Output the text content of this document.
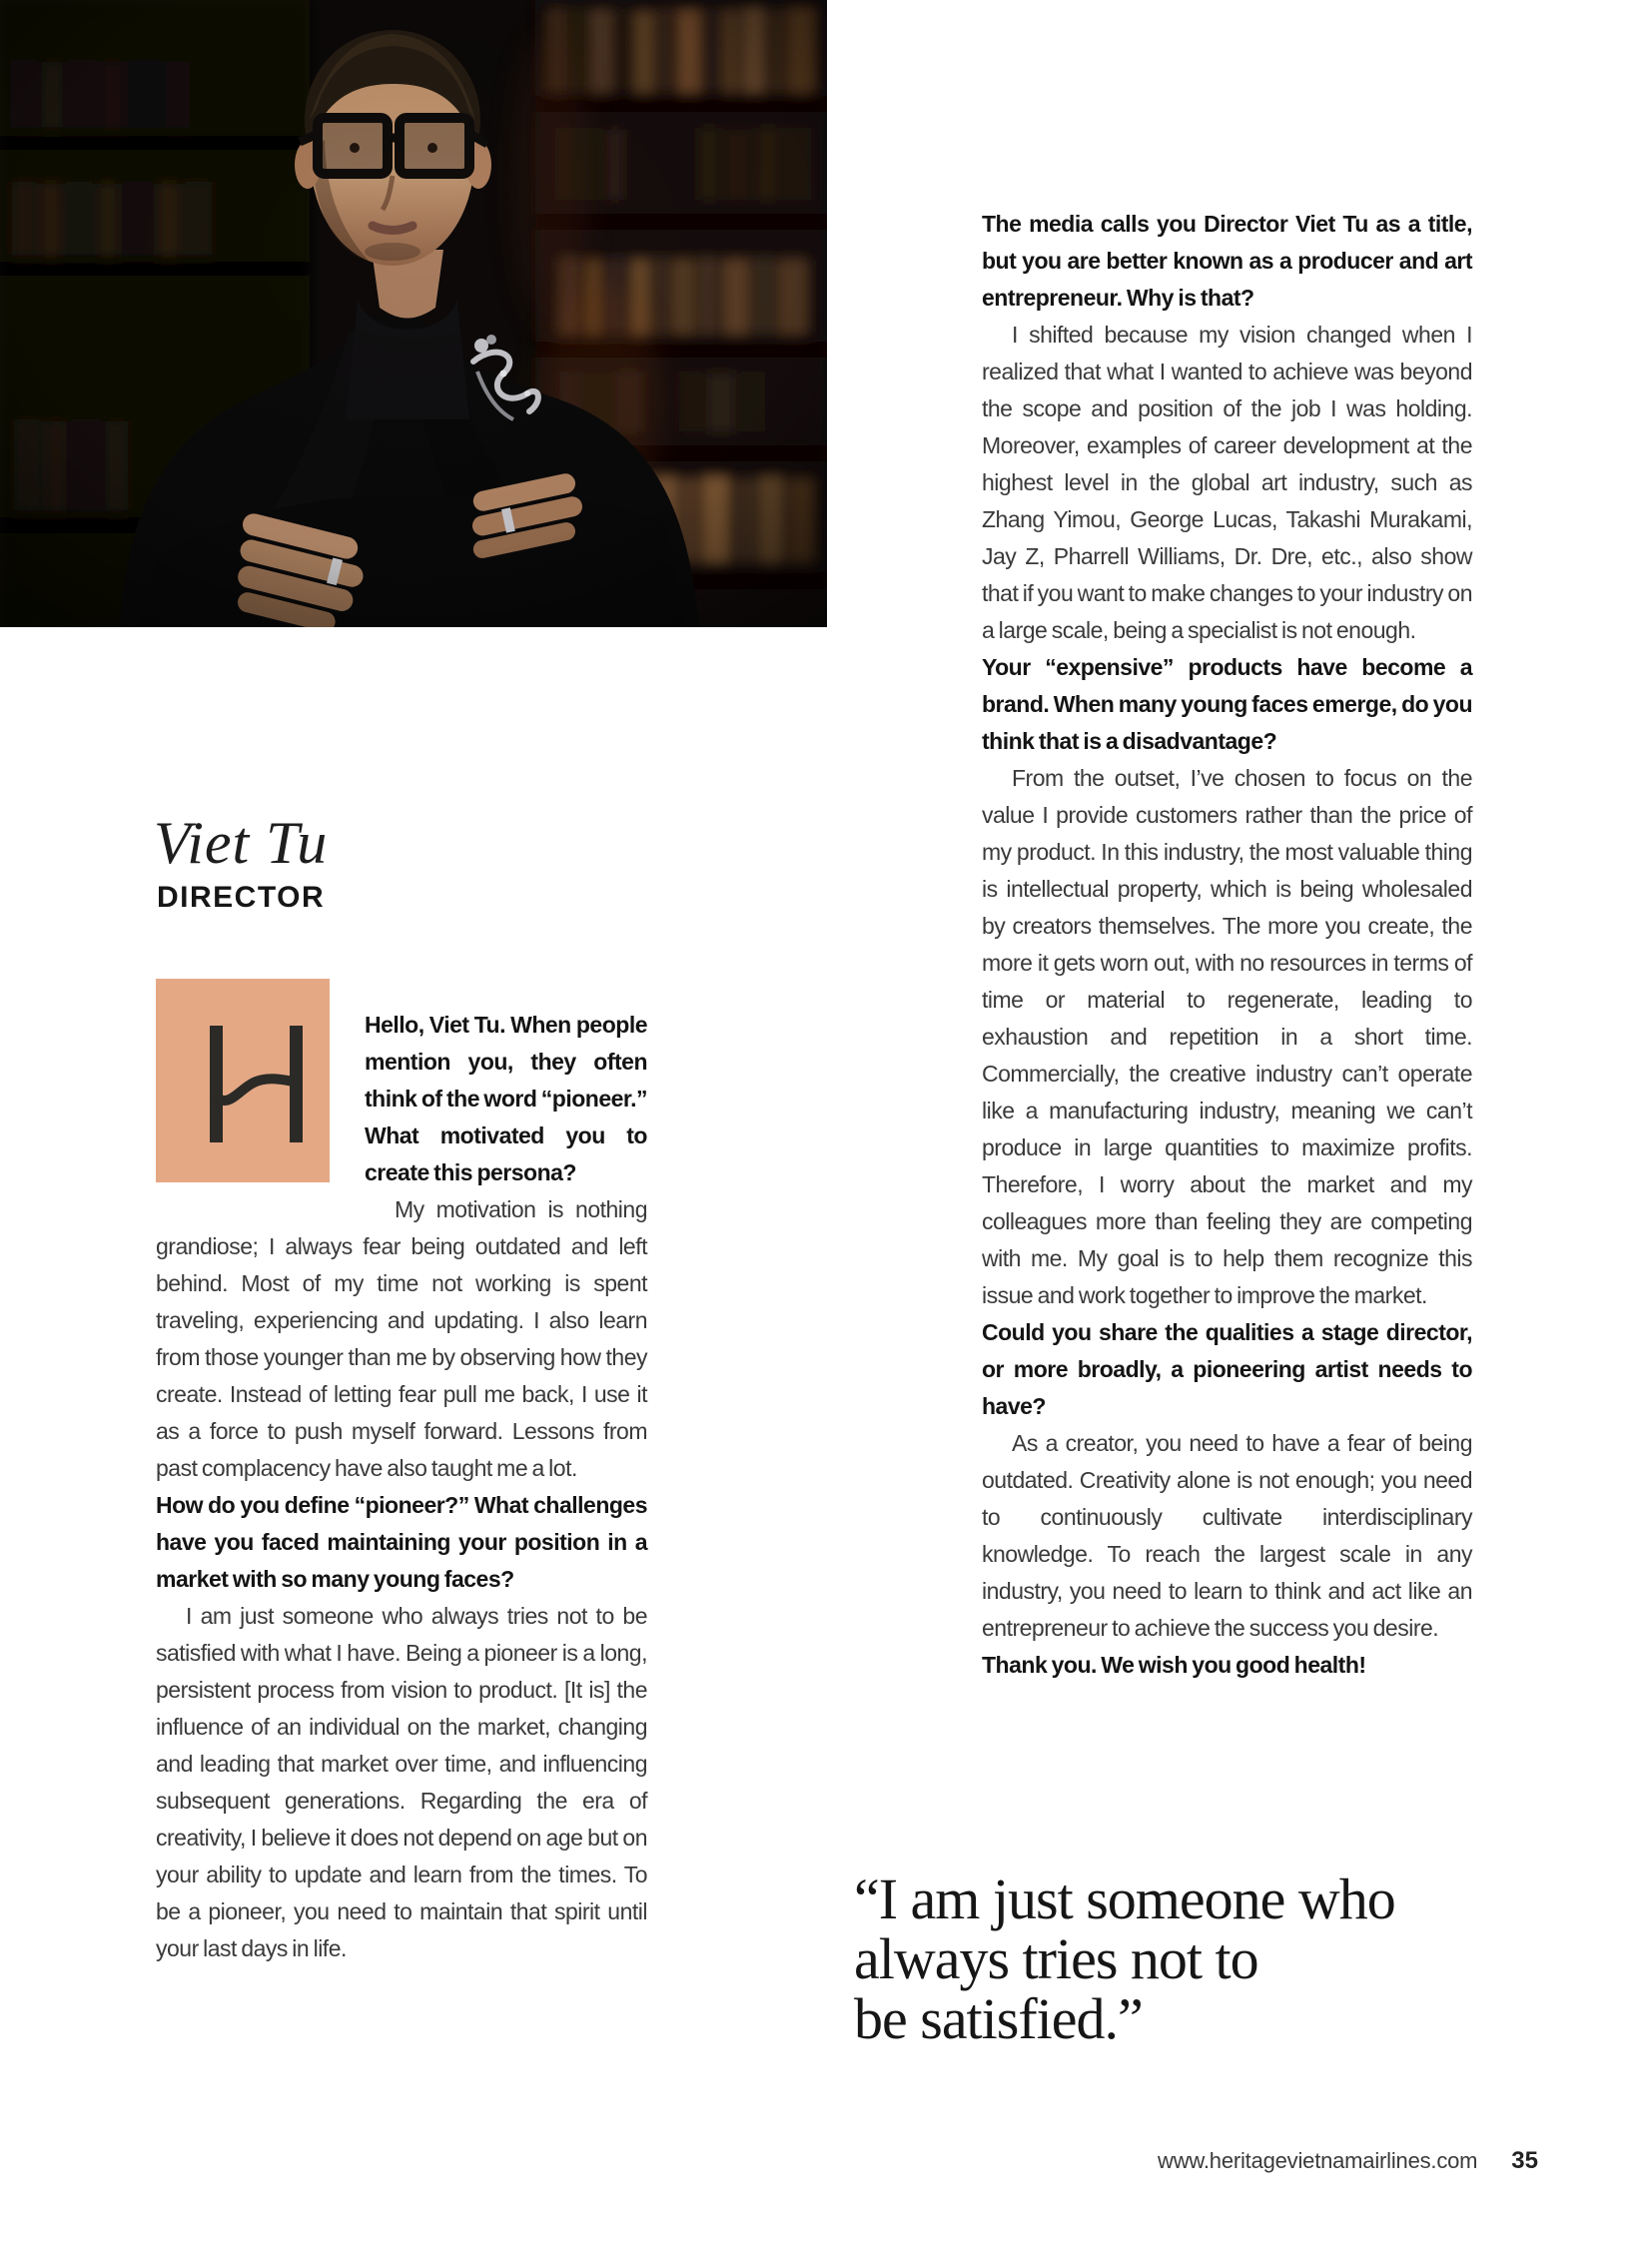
Viet Tu
DIRECTOR

Hello, Viet Tu. When people mention you, they often think of the word “pioneer.” What motivated you to create this persona?

My motivation is nothing grandiose; I always fear being outdated and left behind. Most of my time not working is spent traveling, experiencing and updating. I also learn from those younger than me by observing how they create. Instead of letting fear pull me back, I use it as a force to push myself forward. Lessons from past complacency have also taught me a lot.

How do you define “pioneer?” What challenges have you faced maintaining your position in a market with so many young faces?

I am just someone who always tries not to be satisfied with what I have. Being a pioneer is a long, persistent process from vision to product. [It is] the influence of an individual on the market, changing and leading that market over time, and influencing subsequent generations. Regarding the era of creativity, I believe it does not depend on age but on your ability to update and learn from the times. To be a pioneer, you need to maintain that spirit until your last days in life.

The media calls you Director Viet Tu as a title, but you are better known as a producer and art entrepreneur. Why is that?

I shifted because my vision changed when I realized that what I wanted to achieve was beyond the scope and position of the job I was holding. Moreover, examples of career development at the highest level in the global art industry, such as Zhang Yimou, George Lucas, Takashi Murakami, Jay Z, Pharrell Williams, Dr. Dre, etc., also show that if you want to make changes to your industry on a large scale, being a specialist is not enough.

Your “expensive” products have become a brand. When many young faces emerge, do you think that is a disadvantage?

From the outset, I’ve chosen to focus on the value I provide customers rather than the price of my product. In this industry, the most valuable thing is intellectual property, which is being wholesaled by creators themselves. The more you create, the more it gets worn out, with no resources in terms of time or material to regenerate, leading to exhaustion and repetition in a short time. Commercially, the creative industry can’t operate like a manufacturing industry, meaning we can’t produce in large quantities to maximize profits. Therefore, I worry about the market and my colleagues more than feeling they are competing with me. My goal is to help them recognize this issue and work together to improve the market.

Could you share the qualities a stage director, or more broadly, a pioneering artist needs to have?

As a creator, you need to have a fear of being outdated. Creativity alone is not enough; you need to continuously cultivate interdisciplinary knowledge. To reach the largest scale in any industry, you need to learn to think and act like an entrepreneur to achieve the success you desire.

Thank you. We wish you good health!

“I am just someone who
always tries not to
be satisfied.”
www.heritagevietnamairlines.com 35
